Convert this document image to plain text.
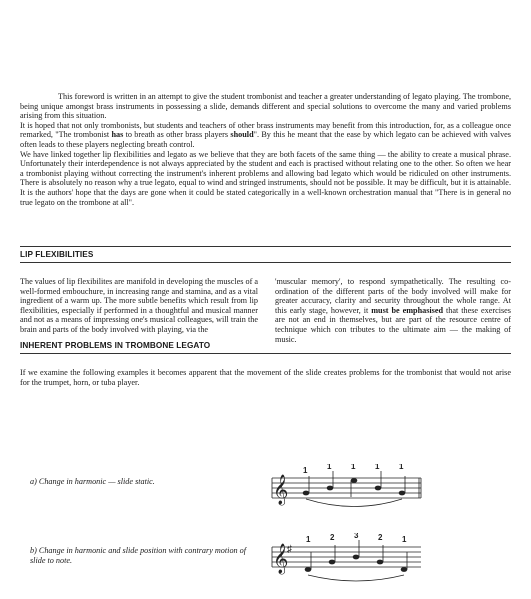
This foreword is written in an attempt to give the student trombonist and teacher a greater understanding of legato playing. The trombone, being unique amongst brass instruments in possessing a slide, demands different and special solutions to overcome the many and varied problems arising from this situation.

It is hoped that not only trombonists, but students and teachers of other brass instruments may benefit from this introduction, for, as a colleague once remarked, "The trombonist has to breath as other brass players should". By this he meant that the ease by which legato can be achieved with valves often leads to these players neglecting breath control.

We have linked together lip flexibilities and legato as we believe that they are both facets of the same thing — the ability to create a musical phrase. Unfortunately their interdependence is not always appreciated by the student and each is practised without relating one to the other. So often we hear a trombonist playing without correcting the instrument's inherent problems and allowing bad legato which would be ridiculed on other instruments. There is absolutely no reason why a true legato, equal to wind and stringed instruments, should not be possible. It may be difficult, but it is attainable. It is the authors' hope that the days are gone when it could be stated categorically in a well-known orchestration manual that "There is in general no true legato on the trombone at all".

LIP FLEXIBILITIES
The values of lip flexibilites are manifold in developing the muscles of a well-formed embouchure, in increasing range and stamina, and as a vital ingredient of a warm up. The more subtle benefits which result from lip flexibilities, especially if performed in a thoughtful and musical manner and not as a means of impressing one's musical colleagues, will train the brain and parts of the body involved with playing, via the
'muscular memory', to respond sympathetically. The resulting co-ordination of the different parts of the body involved will make for greater accuracy, clarity and security throughout the whole range. At this early stage, however, it must be emphasised that these exercises are not an end in themselves, but are part of the resource centre of technique which con tributes to the ultimate aim — the making of music.
INHERENT PROBLEMS IN TROMBONE LEGATO
If we examine the following examples it becomes apparent that the movement of the slide creates problems for the trombonist that would not arise for the trumpet, horn, or tuba player.
a) Change in harmonic — slide static.	𝄞
1 1 1 1 1
b) Change in harmonic and slide position with contrary motion of slide to note.	𝄞
♯
1 2 3 2 1
